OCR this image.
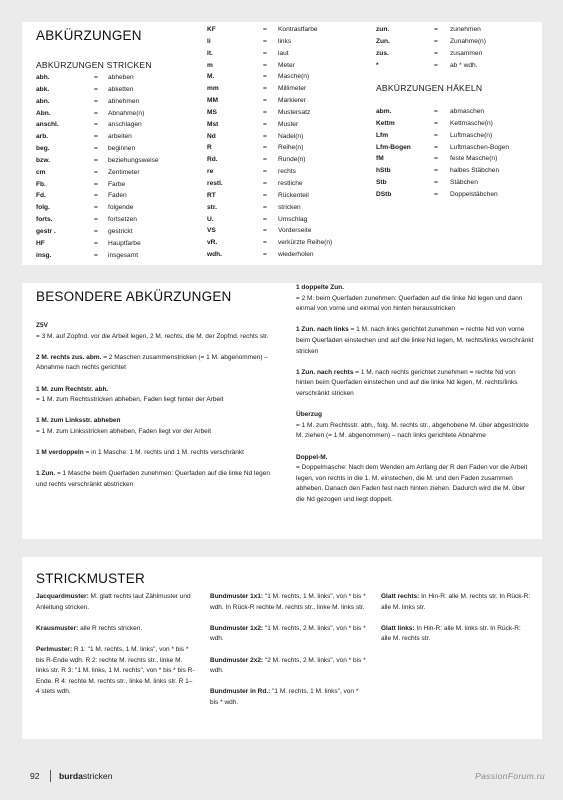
ABKÜRZUNGEN
ABKÜRZUNGEN STRICKEN
abh.	= abheben
abk.	= abketten
abn.	= abnehmen
Abn.	= Abnahme(n)
anschl.	= anschlagen
arb.	= arbeiten
beg.	= beginnen
bzw.	= beziehungsweise
cm	= Zentimeter
Fb.	= Farbe
Fd.	= Faden
folg.	= folgende
forts.	= fortsetzen
gestr .	= gestrickt
HF	= Hauptfarbe
insg.	= insgesamt
KF	= Kontrastfarbe
li	= links
lt.	= laut
m	= Meter
M.	= Masche(n)
mm	= Millimeter
MM	= Markierer
MS	= Mustersatz
Mst	= Muster
Nd	= Nadel(n)
R	= Reihe(n)
Rd.	= Runde(n)
re	= rechts
restl.	= restliche
RT	= Rückenteil
str.	= stricken
U.	= Umschlag
VS	= Vorderseite
vR.	= verkürzte Reihe(n)
wdh.	= wiederholen
zun.	= zunehmen
Zun.	= Zunahme(n)
zus.	= zusammen
*	= ab * wdh.
ABKÜRZUNGEN HÄKELN
abm.	= abmaschen
Kettm	= Kettmasche(n)
Lfm	= Luftmasche(n)
Lfm-Bogen	= Luftmaschen-Bogen
fM	= feste Masche(n)
hStb	= halbes Stäbchen
Stb	= Stäbchen
DStb	= Doppelstäbchen
BESONDERE ABKÜRZUNGEN

Z5V
= 3 M. auf Zopfnd. vor die Arbeit legen, 2 M. rechts, die M. der Zopfnd. rechts str.

2 M. rechts zus. abm. = 2 Maschen zusammenstricken (= 1 M. abgenommen) – Abnahme nach rechts gerichtet

1 M. zum Rechtstr. abh.
= 1 M. zum Rechtsstricken abheben, Faden liegt hinter der Arbeit

1 M. zum Linksstr. abheben
= 1 M. zum Linksstricken abheben, Faden liegt vor der Arbeit

1 M verdoppeln = in 1 Masche: 1 M. rechts und 1 M. rechts verschränkt

1 Zun. = 1 Masche beim Querfaden zunehmen: Querfaden auf die linke Nd legen und rechts verschränkt abstricken

1 doppelte Zun.
= 2 M. beim Querfaden zunehmen: Querfaden auf die linke Nd legen und dann einmal von vorne und einmal von hinten herausstricken

1 Zun. nach links = 1 M. nach links gerichtet zunehmen = rechte Nd von vorne beim Querfaden einstechen und auf die linke Nd legen, M. rechts/links verschränkt stricken

1 Zun. nach rechts = 1 M. nach rechts gerichtet zunehmen = rechte Nd von hinten beim Querfaden einstechen und auf die linke Nd legen, M. rechts/links verschränkt stricken

Überzug
= 1 M. zum Rechtsstr. abh., folg. M. rechts str., abgehobene M. über abgestrickte M. ziehen (= 1 M. abgenommen) – nach links gerichtete Abnahme

Doppel-M.
= Doppelmasche: Nach dem Wenden am Anfang der R den Faden vor die Arbeit legen, von rechts in die 1. M. einstechen, die M. und den Faden zusammen abheben. Danach den Faden fest nach hinten ziehen. Dadurch wird die M. über die Nd gezogen und liegt doppelt.

STRICKMUSTER

Jacquardmuster: M. glatt rechts laut Zählmuster und Anleitung stricken.

Krausmuster: alle R rechts stricken.

Perlmuster: R 1: "1 M. rechts, 1 M. links", von * bis * bis R-Ende wdh. R 2: rechte M. rechts str., linke M. links str. R 3: "1 M. links, 1 M. rechts", von * bis * bis R-Ende. R 4: rechte M. rechts str., linke M. links str. R 1–4 stets wdh.

Bundmuster 1x1: "1 M. rechts, 1 M. links", von * bis * wdh. In Rück-R rechte M. rechts str., linke M. links str.

Bundmuster 1x2: "1 M. rechts, 2 M. links", von * bis * wdh.

Bundmuster 2x2: "2 M. rechts, 2 M. links", von * bis * wdh.

Bundmuster in Rd.: "1 M. rechts, 1 M. links", von * bis * wdh.

Glatt rechts: In Hin-R: alle M. rechts str. In Rück-R: alle M. links str.

Glatt links: In Hin-R: alle M. links str. In Rück-R: alle M. rechts str.

92	burda stricken	PassionForum.ru
